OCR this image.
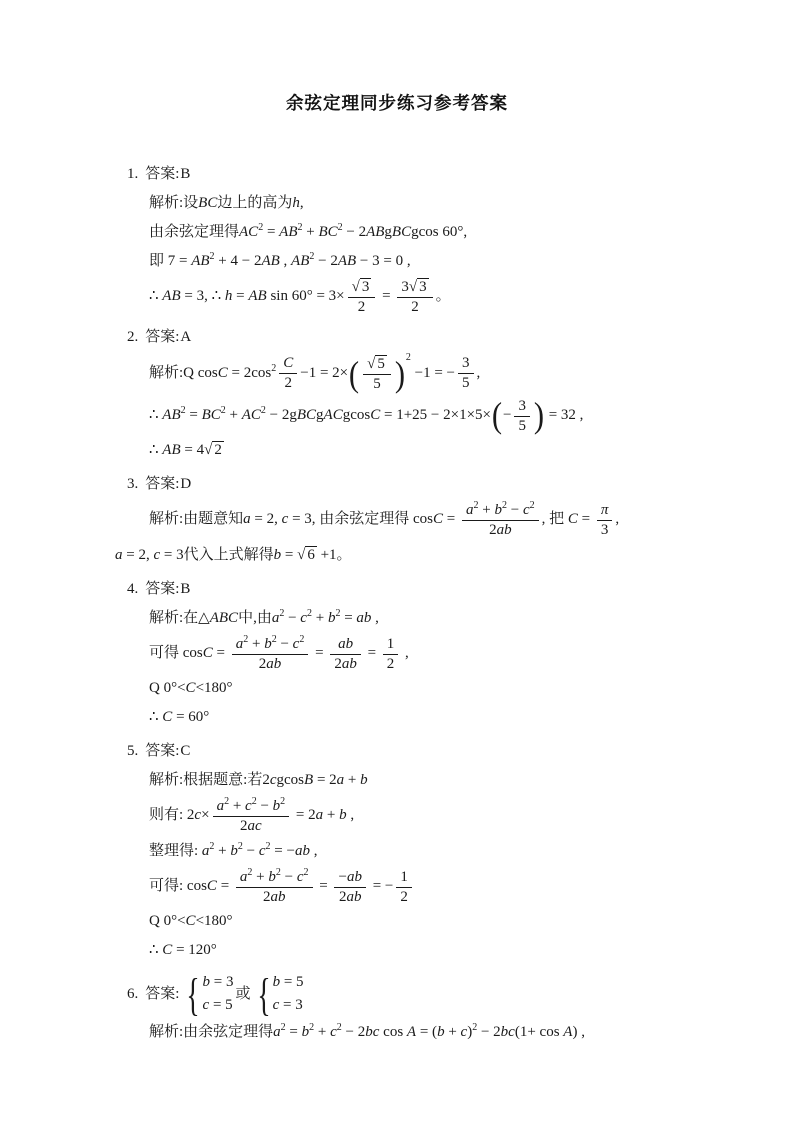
余弦定理同步练习参考答案
1. 答案:B
解析:设BC边上的高为h,
由余弦定理得$AC^2 = AB^2 + BC^2$ − 2ABgBCgcos 60°,
即 $7 = AB^2 + 4 - 2AB$ , $AB^2 - 2AB - 3 = 0$ ,
∴ AB = 3, ∴ h = AB $\sin 60^\circ = 3\times \frac{√ 3}{2} = \frac{3√ 3}{2}$ 。
2. 答案:A
解析:Q $\cos C = 2\cos^2 \frac{C}{2} -1 = 2\times( \frac{√ 5}{5} )^2 -1$ = − $\frac{3}{5}$ ,
∴ $AB^2 = BC^2 + AC^2$ − 2gBCgACgcosC = $1+25 - 2\times 1\times 5\times(- \frac{3}{5}$ ) = 32 ,
∴ AB = 4√ 2
3. 答案:D
解析:由题意知a = 2, c = 3, 由余弦定理得 $\cos C = \frac{a^2 + b^2 - c^2}{2ab}$ , 把 $C = \frac{\pi}{3}$ ,
a = 2, c = 3代入上式解得b = √ 6 +1。
4. 答案:B
解析:在△ABC中,由$a^2 - c^2 + b^2$ = ab ,
可得 $\cos C = \frac{a^2 + b^2 - c^2}{2ab} = \frac{ab}{2ab} = \frac{1}{2}$ ,
Q 0°<C<180°
∴ C = 60°
5. 答案:C
解析:根据题意:若2cgcosB = 2a + b
则有: $2c\times \frac{a^2 + c^2 - b^2}{2ac} = 2a + b$ ,
整理得: $a^2 + b^2 - c^2 = -ab$ ,
可得: $\cos C = \frac{a^2 + b^2 - c^2}{2ab} = \frac{-ab}{2ab}$ = − $\frac{1}{2}$
Q 0°<C<180°
∴ C = 120°
6. 答案: { b = 3
c = 5
或 { b = 5
c = 3
解析:由余弦定理得$a^2 = b^2 + c^2 - 2bc$ $\cos A = (b + c)^2 - 2bc(1+ \cos A)$ ,
